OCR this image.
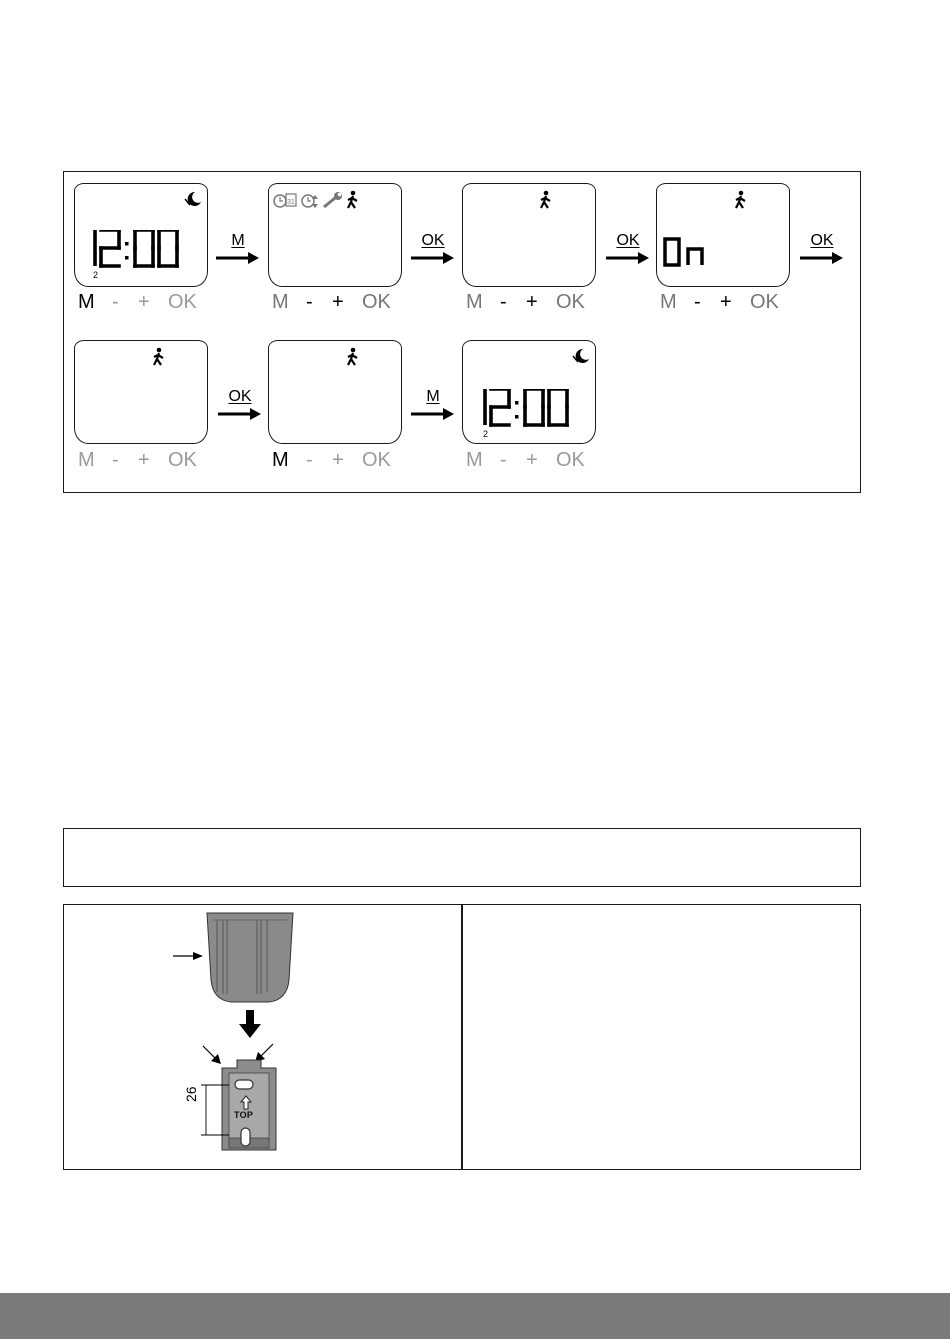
2
M - + OK
M
31
M - + OK
OK
M - + OK
OK
M - + OK
OK
M - + OK
OK
M - + OK
M
2
M - + OK
26
TOP
